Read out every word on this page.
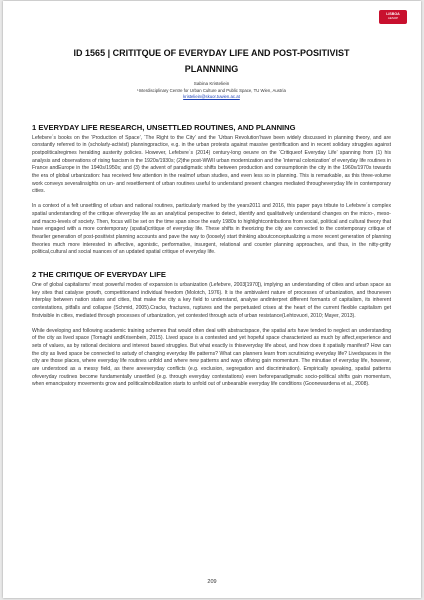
LISBOA
AESOP
ID 1565 | CRITITQUE OF EVERYDAY LIFE AND POST-POSITIVIST
PLANNNING
Sabina Kristeliein
¹Interdisciplinary Centre for Urban Culture and Public Space, TU Wien, Austria
kristeliein@skuor.tuwien.ac.at
1 EVERYDAY LIFE RESEARCH, UNSETTLED ROUTINES, AND PLANNING

Lefebvre´s books on the ‘Production of Space’, ‘The Right to the City’ and the ‘Urban Revolution’have been widely discussed in planning theory, and are constantly referred to in (scholarly-activist) planningpractice, e.g. in the urban protests against massive gentrification and in recent solidary struggles against postpoliticalregimes heralding austerity policies. However, Lefebvre´s (2014) century-long oeuvre on the ‘Critiqueof Everyday Life’ spanning from (1) his analysis and observations of rising fascism in the 1920s/1930s; (2)the post-WWII urban modernization and the ‘internal colonization’ of everyday life routines in France andEurope in the 1940s/1950s; and (3) the advent of paradigmatic shifts between production and consumptionin the city in the 1960s/1970s towards the era of global urbanization: has received few attention in the realmof urban studies, and even less so in planning. This is remarkable, as this three-volume work conveys severalinsights on un- and resettlement of urban routines useful to understand present changes mediated througheveryday life in contemporary cities.

In a context of a felt unsettling of urban and national routines, particularly marked by the years2011 and 2016, this paper pays tribute to Lefebvre´s complex spatial understanding of the critique ofeveryday life as an analytical perspective to detect, identify and qualitatively understand changes on the micro-, meso- and macro-levels of society. Then, focus will be set on the time span since the early 1980s to highlightcontributions from social, political and cultural theory that have engaged with a more contemporary (spatial)critique of everyday life. These shifts in theorizing the city are connected to the contemporary critique of thearlier generation of post-positivist planning accounts and pave the way to (loosely) start thinking aboutconceptualizing a more recent generation of planning theories much more interested in affective, agonistic, performative, insurgent, relational and counter planning approaches, and thus, in the nitty-gritty political,cultural and social nuances of an updated spatial critique of everyday life.

2 THE CRITIQUE OF EVERYDAY LIFE

One of global capitalisms' most powerful modes of expansion is urbanization (Lefebvre, 2003[1970]), implying an understanding of cities and urban space as key sites that catalyse growth, competitionand individual freedom (Molotch, 1976). It is the ambivalent nature of processes of urbanization, and thouneven interplay between nation states and cities, that make the city a key field to understand, analyse andinterpret different formants of capitalism, its inherent contestations, pitfalls and collapse (Schmid, 2005).Cracks, fractures, ruptures and the perpetuated crises at the heart of the current flexible capitalism get firstvisible in cities, mediated through processes of urbanization, yet contested through acts of urban resistance(Lehtovuori, 2010; Mayer, 2013).

While developing and following academic training schemes that would often deal with abstractspace, the spatial arts have tended to neglect an understanding of the city as lived space (Tornaghi andKrisenbein, 2015). Lived space is a contested and yet hopeful space characterized as much by affect,experience and sets of values, as by rational decisions and interest based struggles. But what exactly is thiseveryday life about, and how does it spatially manifest? How can the city as lived space be connected to astudy of changing everyday life patterns? What can planners learn from scrutinizing everyday life? Livedspaces in the city are those places, where everyday life routines unfold and where new patterns and ways ofliving gain momentum. The minutiae of everyday life, however, are understood as a messy field, as there areeveryday conflicts (e.g. exclusion, segregation and discrimination). Empirically speaking, spatial patterns ofeveryday routines become fundamentally unsettled (e.g. through everyday contestations) even beforeparadigmatic socio-political shifts gain momentum, when emancipatory movements grow and politicalmobilization starts to unfold out of unbearable everyday life conditions (Goonewardena et al., 2008).

209
